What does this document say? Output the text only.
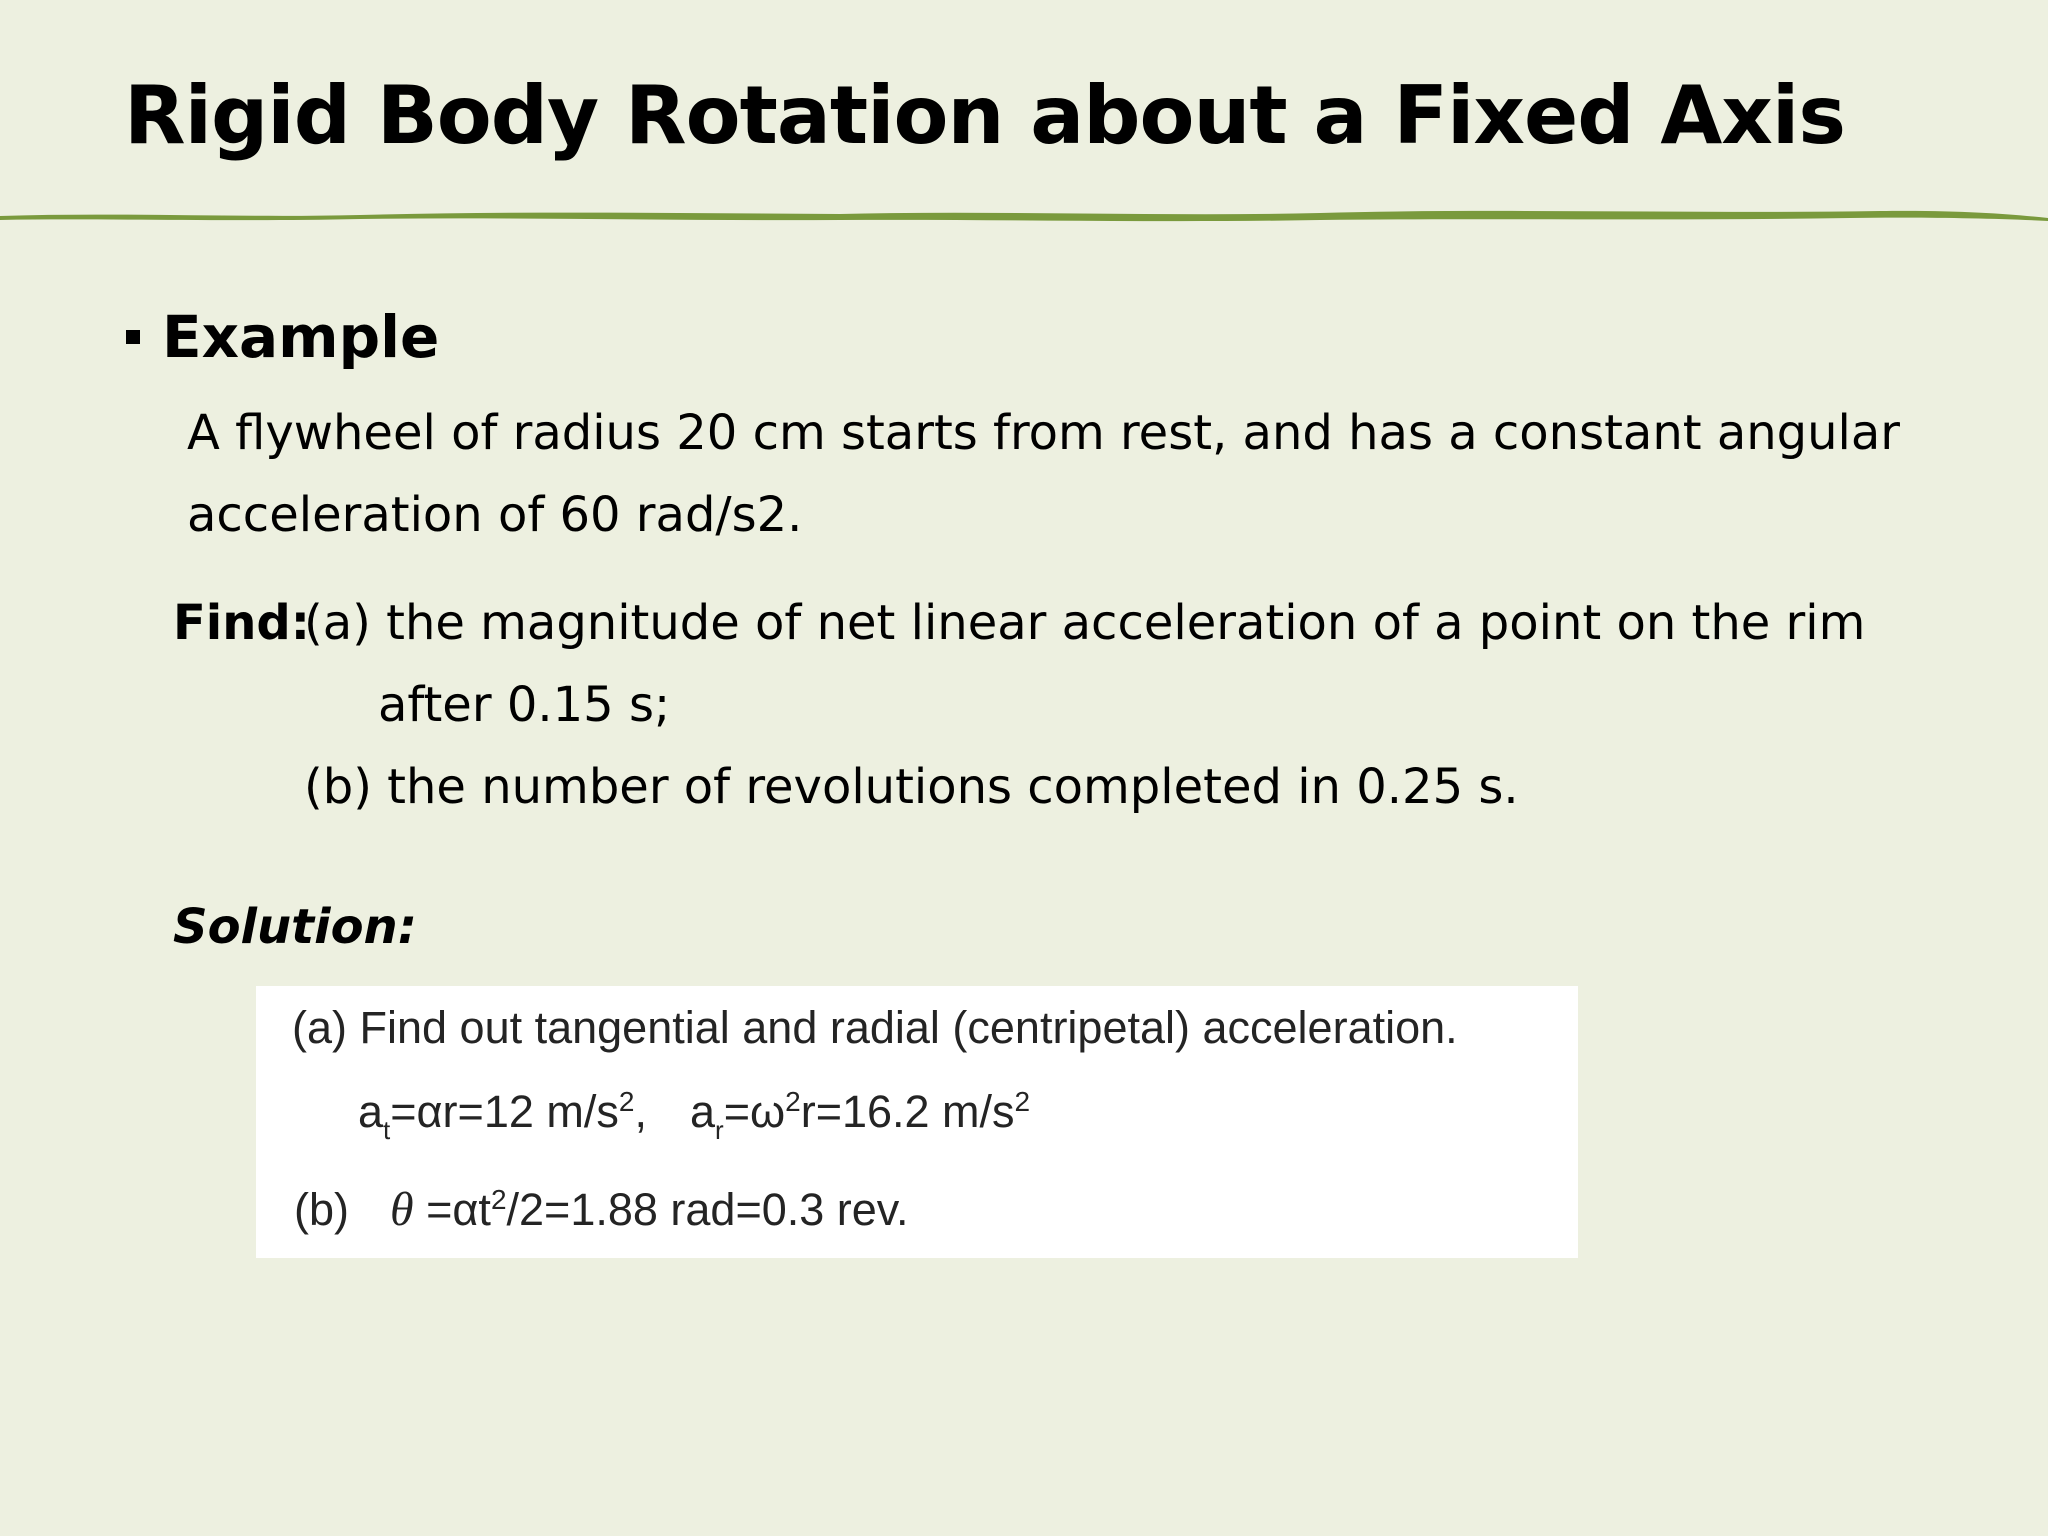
Rigid Body Rotation about a Fixed Axis
Example

A flywheel of radius 20 cm starts from rest, and has a constant angular
acceleration of 60 rad/s2.

Find:
(a) the magnitude of net linear acceleration of a point on the rim
after 0.15 s;
(b) the number of revolutions completed in 0.25 s.
Solution:
(a) Find out tangential and radial (centripetal) acceleration.
$a_t=\alpha r=12$ $m/s^2$, $a_r=\omega^2r=16.2$ $m/s^2$
(b) $\theta =\alpha t^2/2=1.88$ rad=0.3 rev.
